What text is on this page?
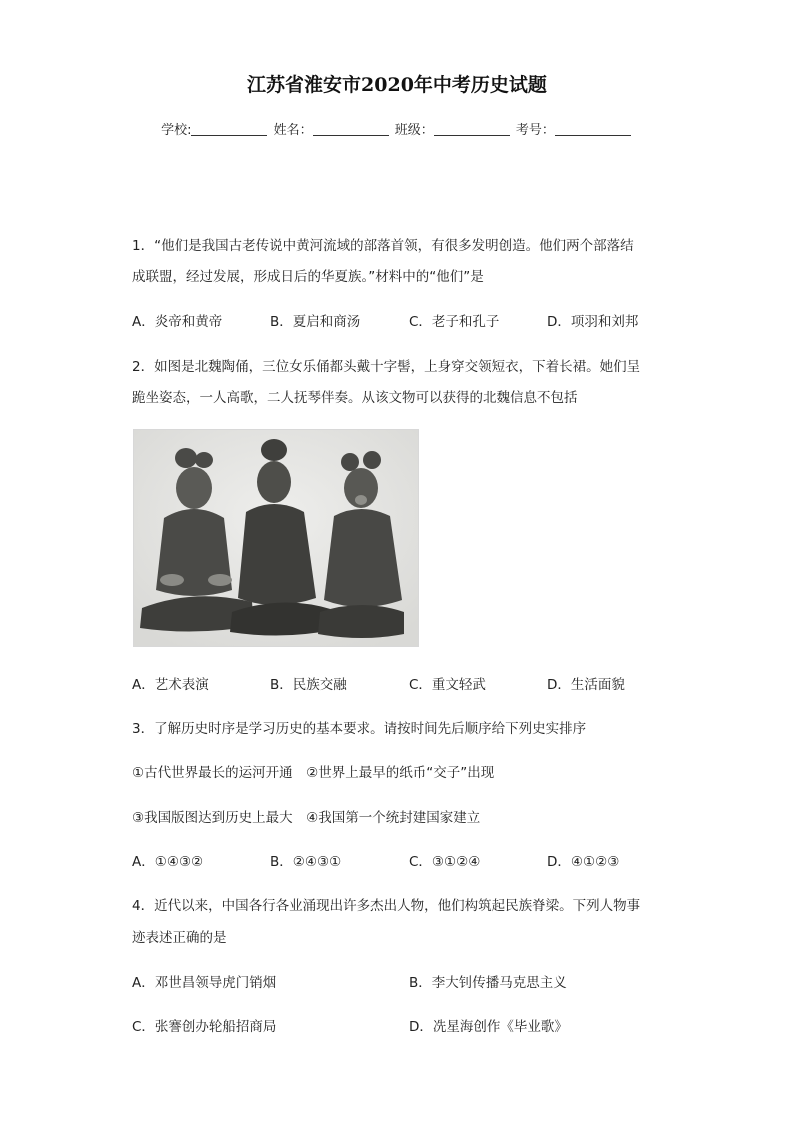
江苏省淮安市2020年中考历史试题
学校:	姓名：	班级：	考号：
1．“他们是我国古老传说中黄河流域的部落首领，有很多发明创造。他们两个部落结
成联盟，经过发展，形成日后的华夏族。”材料中的“他们”是
A．炎帝和黄帝	B．夏启和商汤	C．老子和孔子	D．项羽和刘邦
2．如图是北魏陶俑，三位女乐俑都头戴十字髻，上身穿交领短衣，下着长裙。她们呈
跪坐姿态，一人高歌，二人抚琴伴奏。从该文物可以获得的北魏信息不包括
A．艺术表演	B．民族交融	C．重文轻武	D．生活面貌
3．了解历史时序是学习历史的基本要求。请按时间先后顺序给下列史实排序
①古代世界最长的运河开通　②世界上最早的纸币“交子”出现
③我国版图达到历史上最大　④我国第一个统封建国家建立
A．①④③②	B．②④③①	C．③①②④	D．④①②③
4．近代以来，中国各行各业涌现出许多杰出人物，他们构筑起民族脊梁。下列人物事
迹表述正确的是
A．邓世昌领导虎门销烟	B．李大钊传播马克思主义
C．张謇创办轮船招商局	D．冼星海创作《毕业歌》
